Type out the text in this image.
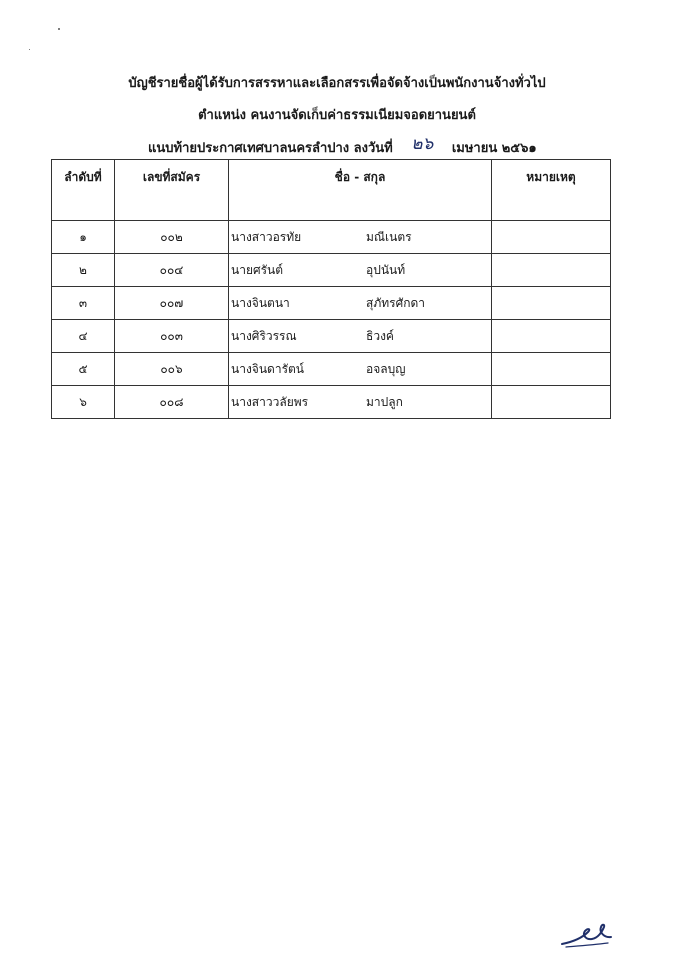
บัญชีรายชื่อผู้ได้รับการสรรหาและเลือกสรรเพื่อจัดจ้างเป็นพนักงานจ้างทั่วไป
ตำแหน่ง คนงานจัดเก็บค่าธรรมเนียมจอดยานยนต์
แนบท้ายประกาศเทศบาลนครลำปาง ลงวันที่ ๒๖ เมษายน ๒๕๖๑
ลำดับที่	เลขที่สมัคร	ชื่อ - สกุล	หมายเหตุ

๑	๐๐๒	นางสาวอรทัย มณีเนตร	
๒	๐๐๔	นายศรันต์ อุปนันท์	
๓	๐๐๗	นางจินตนา สุภัทรศักดา	
๔	๐๐๓	นางศิริวรรณ ธิวงค์	
๕	๐๐๖	นางจินดารัตน์ อจลบุญ	
๖	๐๐๘	นางสาววลัยพร มาปลูก	
